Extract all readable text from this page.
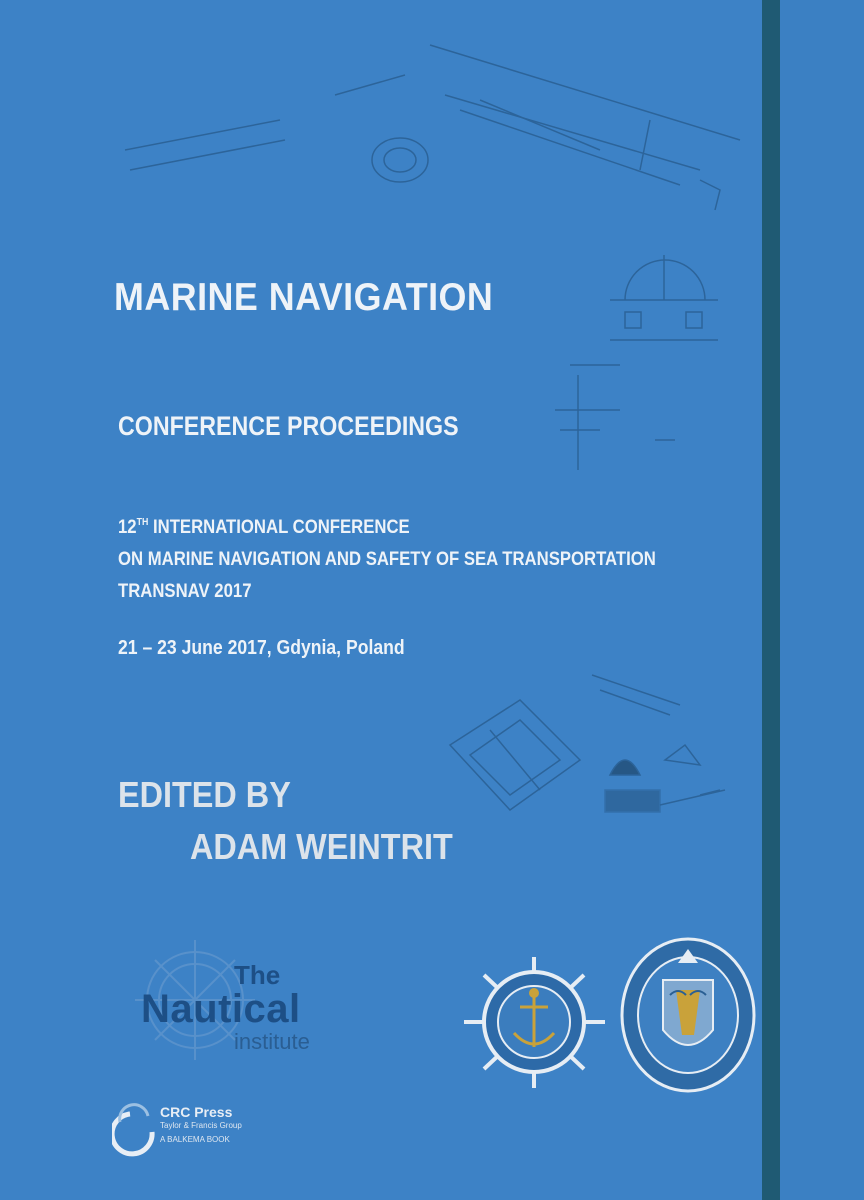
MARINE NAVIGATION
CONFERENCE PROCEEDINGS
12TH INTERNATIONAL CONFERENCE
ON MARINE NAVIGATION AND SAFETY OF SEA TRANSPORTATION
TRANSNAV 2017
21 – 23 June 2017, Gdynia, Poland
EDITED BY
ADAM WEINTRIT
The
Nautical
institute
CRC Press
Taylor & Francis Group
A BALKEMA BOOK
